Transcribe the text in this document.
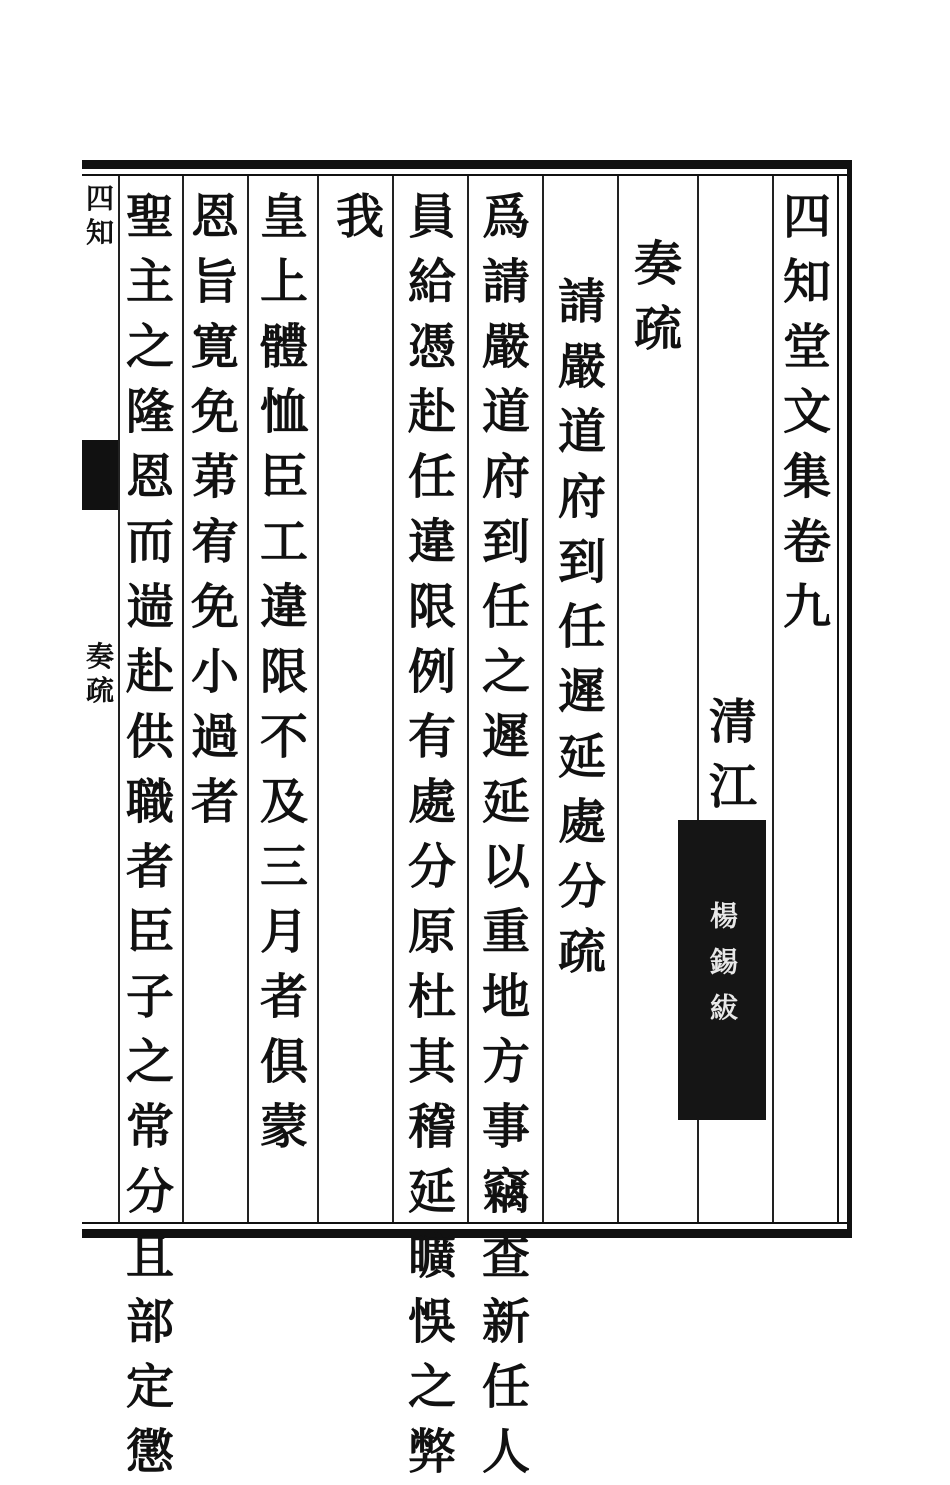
四
知
堂
文
集
卷
九
奏
疏
請
嚴
道
府
到
任
遲
延
處
分
疏
清
江
楊錫紱
爲
請
嚴
道
府
到
任
之
遲
延
以
重
地
方
事
竊
查
新
任
人
員
給
憑
赴
任
違
限
例
有
處
分
原
杜
其
稽
延
曠
悞
之
弊
我
皇
上
體
恤
臣
工
違
限
不
及
三
月
者
俱
蒙
恩
旨
寛
免
苐
宥
免
小
過
者
聖
主
之
隆
恩
而
遄
赴
供
職
者
臣
子
之
常
分
且
部
定
懲
四
知
奏
疏
